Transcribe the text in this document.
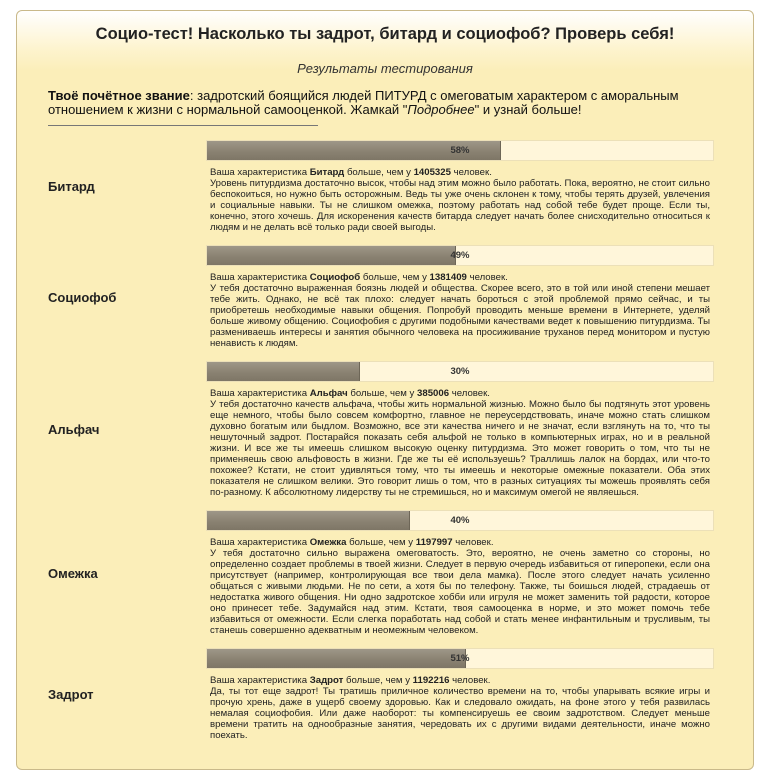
Социо-тест! Насколько ты задрот, битард и социофоб? Проверь себя!
Результаты тестирования
Твоё почётное звание: задротский боящийся людей ПИТУРД с омеговатым характером с аморальным отношением к жизни с нормальной самооценкой. Жамкай "Подробнее" и узнай больше!
Битард
58%
Ваша характеристика Битард больше, чем у 1405325 человек.
Уровень питурдизма достаточно высок, чтобы над этим можно было работать. Пока, вероятно, не стоит сильно беспокоиться, но нужно быть осторожным. Ведь ты уже очень склонен к тому, чтобы терять друзей, увлечения и социальные навыки. Ты не слишком омежка, поэтому работать над собой тебе будет проще. Если ты, конечно, этого хочешь. Для искоренения качеств битарда следует начать более снисходительно относиться к людям и не делать всё только ради своей выгоды.
Социофоб
49%
Ваша характеристика Социофоб больше, чем у 1381409 человек.
У тебя достаточно выраженная боязнь людей и общества. Скорее всего, это в той или иной степени мешает тебе жить. Однако, не всё так плохо: следует начать бороться с этой проблемой прямо сейчас, и ты приобретешь необходимые навыки общения. Попробуй проводить меньше времени в Интернете, уделяй больше живому общению. Социофобия с другими подобными качествами ведет к повышению питурдизма. Ты разменивaешь интересы и занятия обычного человека на просиживание труханов перед монитором и пустую ненависть к людям.
Альфач
30%
Ваша характеристика Альфач больше, чем у 385006 человек.
У тебя достаточно качеств альфача, чтобы жить нормальной жизнью. Можно было бы подтянуть этот уровень еще немного, чтобы было совсем комфортно, главное не переусердствовать, иначе можно стать слишком духовно богатым или быдлом. Возможно, все эти качества ничего и не значат, если взглянуть на то, что ты нешуточный задрот. Постарайся показать себя альфой не только в компьютерных играх, но и в реальной жизни. И все же ты имеешь слишком высокую оценку питурдизма. Это может говорить о том, что ты не применяешь свою альфовость в жизни. Где же ты её используешь? Траллишь лалок на бордах, или что-то похожее? Кстати, не стоит удивляться тому, что ты имеешь и некоторые омежные показатели. Оба этих показателя не слишком велики. Это говорит лишь о том, что в разных ситуациях ты можешь проявлять себя по-разному. К абсолютному лидерству ты не стремишься, но и максимум омегой не являешься.
Омежка
40%
Ваша характеристика Омежка больше, чем у 1197997 человек.
У тебя достаточно сильно выражена омеговатость. Это, вероятно, не очень заметно со стороны, но определенно создает проблемы в твоей жизни. Следует в первую очередь избавиться от гиперопеки, если она присутствует (например, контролирующая все твои дела мамка). После этого следует начать усиленно общаться с живыми людьми. Не по сети, а хотя бы по телефону. Также, ты боишься людей, страдаешь от недостатка живого общения. Ни одно задротское хобби или игруля не может заменить той радости, которое оно принесет тебе. Задумайся над этим. Кстати, твоя самооценка в норме, и это может помочь тебе избавиться от омежности. Если слегка поработать над собой и стать менее инфантильным и трусливым, ты станешь совершенно адекватным и неомежным человеком.
Задрот
51%
Ваша характеристика Задрот больше, чем у 1192216 человек.
Да, ты тот еще задрот! Ты тратишь приличное количество времени на то, чтобы упарывать всякие игры и прочую хрень, даже в ущерб своему здоровью. Как и следовало ожидать, на фоне этого у тебя развилась немалая социофобия. Или даже наоборот: ты компенсируешь ее своим задротством. Следует меньше времени тратить на однообразные занятия, чередовать их с другими видами деятельности, иначе можно поехать.
